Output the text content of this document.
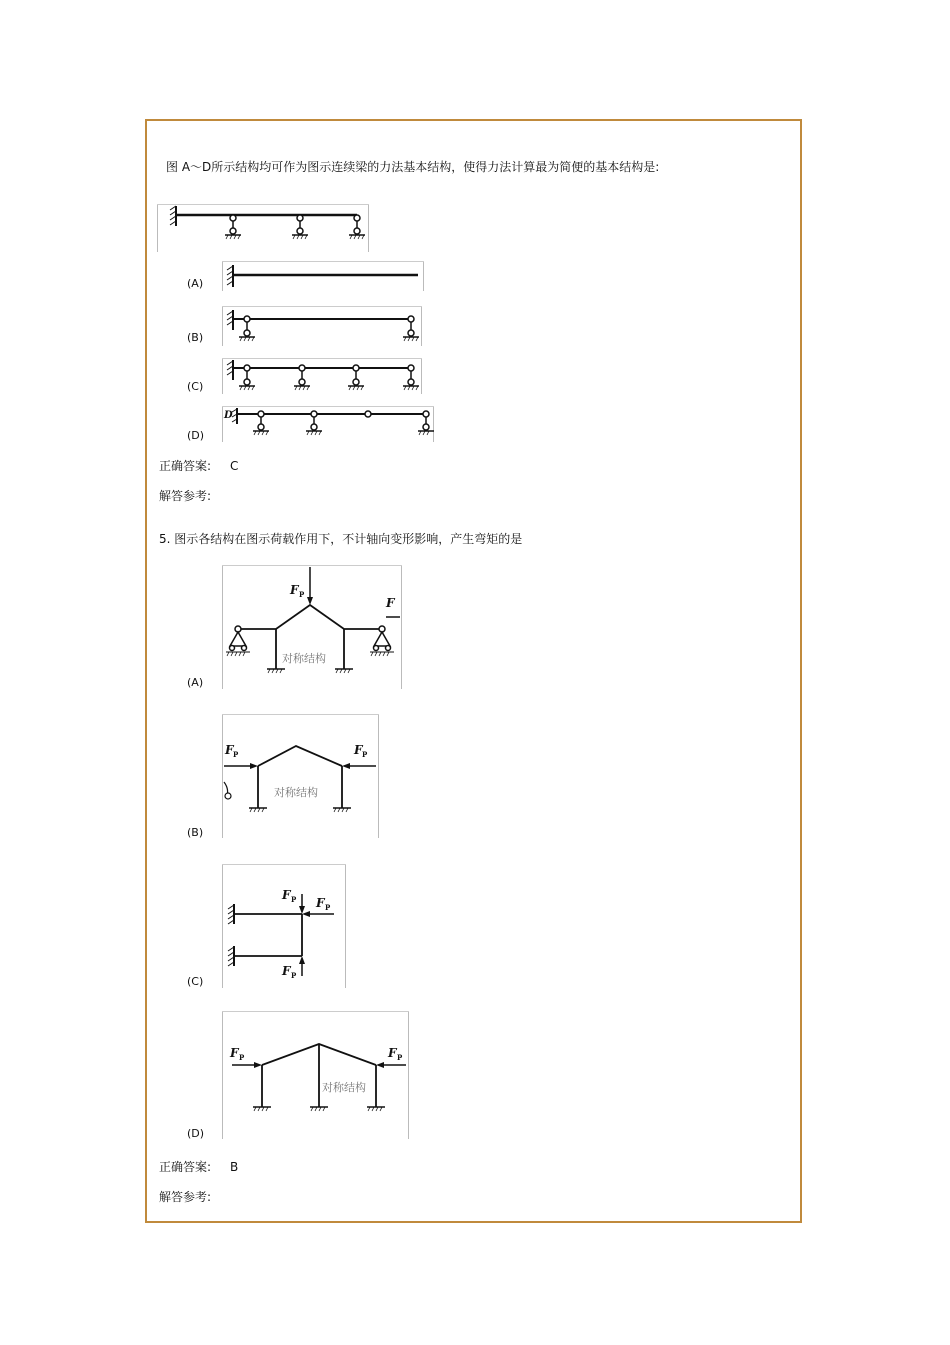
图 A～D所示结构均可作为图示连续梁的力法基本结构，使得力法计算最为简便的基本结构是:
(A)
(B)
(C)
(D)
D
正确答案: C
解答参考:
5. 图示各结构在图示荷载作用下，不计轴向变形影响，产生弯矩的是
(A)
F P
F
对称结构
(B)
F P	F P
对称结构
(C)
F P F P
F P
(D)
F P	F P
对称结构
正确答案: B
解答参考:
